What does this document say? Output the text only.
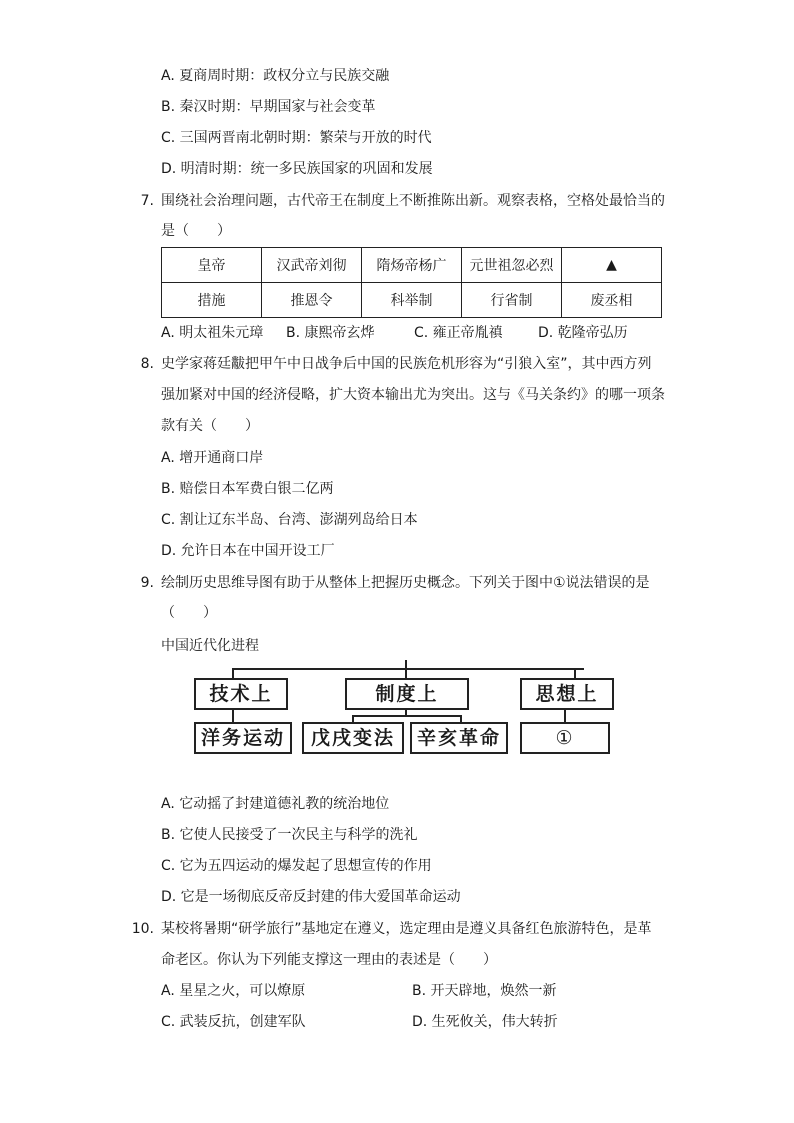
A. 夏商周时期：政权分立与民族交融
B. 秦汉时期：早期国家与社会变革
C. 三国两晋南北朝时期：繁荣与开放的时代
D. 明清时期：统一多民族国家的巩固和发展
7. 围绕社会治理问题，古代帝王在制度上不断推陈出新。观察表格，空格处最恰当的
是（　　）
皇帝	汉武帝刘彻	隋炀帝杨广	元世祖忽必烈	▲
措施	推恩令	科举制	行省制	废丞相
A. 明太祖朱元璋 B. 康熙帝玄烨	C. 雍正帝胤禛	D. 乾隆帝弘历
8. 史学家蒋廷黻把甲午中日战争后中国的民族危机形容为“引狼入室”，其中西方列
强加紧对中国的经济侵略，扩大资本输出尤为突出。这与《马关条约》的哪一项条
款有关（　　）
A. 增开通商口岸
B. 赔偿日本军费白银二亿两
C. 割让辽东半岛、台湾、澎湖列岛给日本
D. 允许日本在中国开设工厂
9. 绘制历史思维导图有助于从整体上把握历史概念。下列关于图中①说法错误的是
（　　）
中国近代化进程
技术上	制度上	思想上
洋务运动	戊戌变法	辛亥革命	①
A. 它动摇了封建道德礼教的统治地位
B. 它使人民接受了一次民主与科学的洗礼
C. 它为五四运动的爆发起了思想宣传的作用
D. 它是一场彻底反帝反封建的伟大爱国革命运动
10. 某校将暑期“研学旅行”基地定在遵义，选定理由是遵义具备红色旅游特色，是革
命老区。你认为下列能支撑这一理由的表述是（　　）
A. 星星之火，可以燎原	B. 开天辟地，焕然一新
C. 武装反抗，创建军队	D. 生死攸关，伟大转折
